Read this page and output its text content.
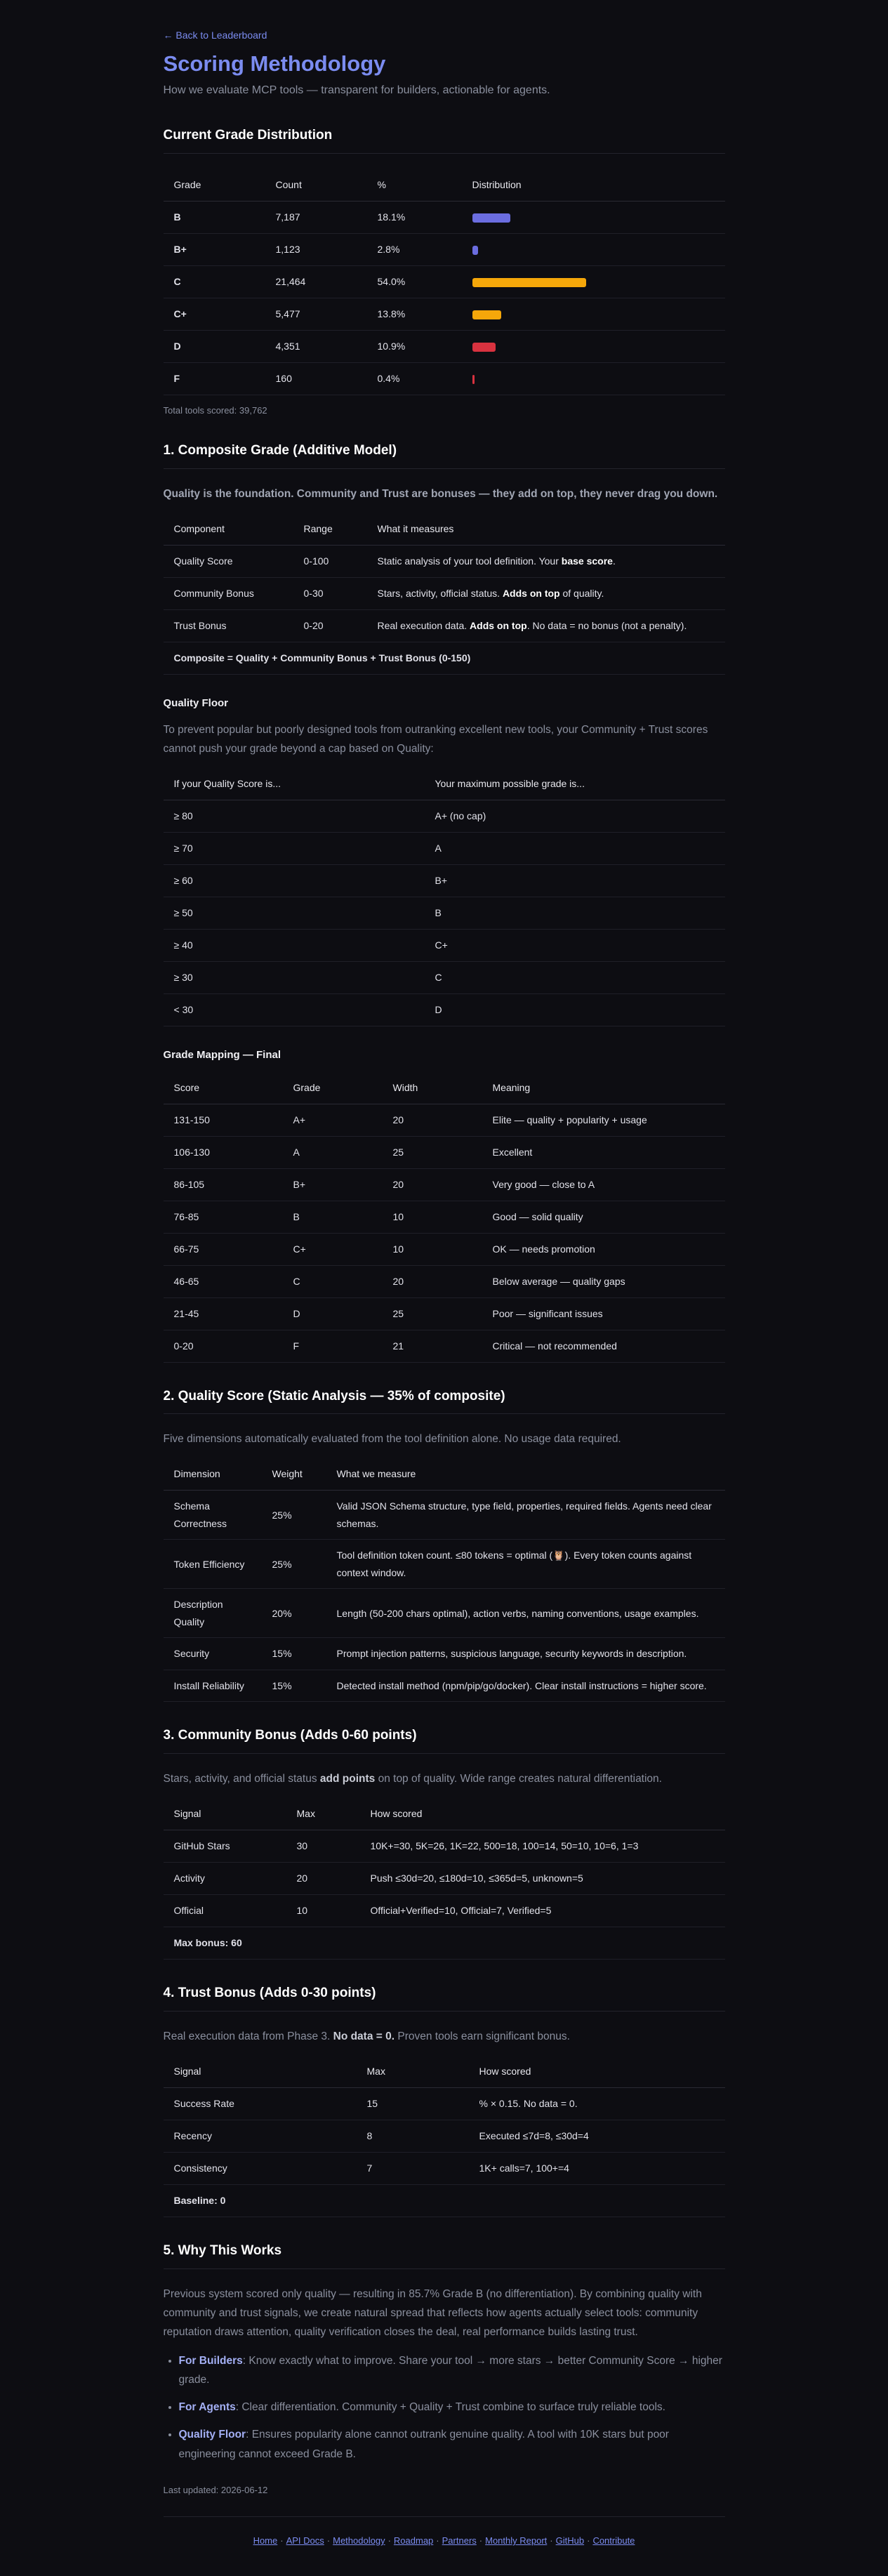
← Back to Leaderboard
Scoring Methodology

How we evaluate MCP tools — transparent for builders, actionable for agents.

Current Grade Distribution
Grade	Count	%	Distribution
B	7,187	18.1%	
B+	1,123	2.8%	
C	21,464	54.0%	
C+	5,477	13.8%	
D	4,351	10.9%	
F	160	0.4%	

Total tools scored: 39,762

1. Composite Grade (Additive Model)

Quality is the foundation. Community and Trust are bonuses — they add on top, they never drag you down.

Component	Range	What it measures
Quality Score	0-100	Static analysis of your tool definition. Your base score.
Community Bonus	0-30	Stars, activity, official status. Adds on top of quality.
Trust Bonus	0-20	Real execution data. Adds on top. No data = no bonus (not a penalty).
Composite = Quality + Community Bonus + Trust Bonus (0-150)		
Quality Floor

To prevent popular but poorly designed tools from outranking excellent new tools, your Community + Trust scores cannot push your grade beyond a cap based on Quality:

If your Quality Score is...	Your maximum possible grade is...
≥ 80	A+ (no cap)
≥ 70	A
≥ 60	B+
≥ 50	B
≥ 40	C+
≥ 30	C
< 30	D
Grade Mapping — Final
Score	Grade	Width	Meaning
131-150	A+	20	Elite — quality + popularity + usage
106-130	A	25	Excellent
86-105	B+	20	Very good — close to A
76-85	B	10	Good — solid quality
66-75	C+	10	OK — needs promotion
46-65	C	20	Below average — quality gaps
21-45	D	25	Poor — significant issues
0-20	F	21	Critical — not recommended
2. Quality Score (Static Analysis — 35% of composite)

Five dimensions automatically evaluated from the tool definition alone. No usage data required.

Dimension	Weight	What we measure
Schema Correctness	25%	Valid JSON Schema structure, type field, properties, required fields. Agents need clear schemas.
Token Efficiency	25%	Tool definition token count. ≤80 tokens = optimal (🦉). Every token counts against context window.
Description Quality	20%	Length (50-200 chars optimal), action verbs, naming conventions, usage examples.
Security	15%	Prompt injection patterns, suspicious language, security keywords in description.
Install Reliability	15%	Detected install method (npm/pip/go/docker). Clear install instructions = higher score.
3. Community Bonus (Adds 0-60 points)

Stars, activity, and official status add points on top of quality. Wide range creates natural differentiation.

Signal	Max	How scored
GitHub Stars	30	10K+=30, 5K=26, 1K=22, 500=18, 100=14, 50=10, 10=6, 1=3
Activity	20	Push ≤30d=20, ≤180d=10, ≤365d=5, unknown=5
Official	10	Official+Verified=10, Official=7, Verified=5
Max bonus: 60		
4. Trust Bonus (Adds 0-30 points)

Real execution data from Phase 3. No data = 0. Proven tools earn significant bonus.

Signal	Max	How scored
Success Rate	15	% × 0.15. No data = 0.
Recency	8	Executed ≤7d=8, ≤30d=4
Consistency	7	1K+ calls=7, 100+=4
Baseline: 0		
5. Why This Works

Previous system scored only quality — resulting in 85.7% Grade B (no differentiation). By combining quality with community and trust signals, we create natural spread that reflects how agents actually select tools: community reputation draws attention, quality verification closes the deal, real performance builds lasting trust.

• For Builders: Know exactly what to improve. Share your tool → more stars → better Community Score → higher grade.
• For Agents: Clear differentiation. Community + Quality + Trust combine to surface truly reliable tools.
• Quality Floor: Ensures popularity alone cannot outrank genuine quality. A tool with 10K stars but poor engineering cannot exceed Grade B.

Last updated: 2026-06-12

Home · API Docs · Methodology · Roadmap · Partners · Monthly Report · GitHub · Contribute
